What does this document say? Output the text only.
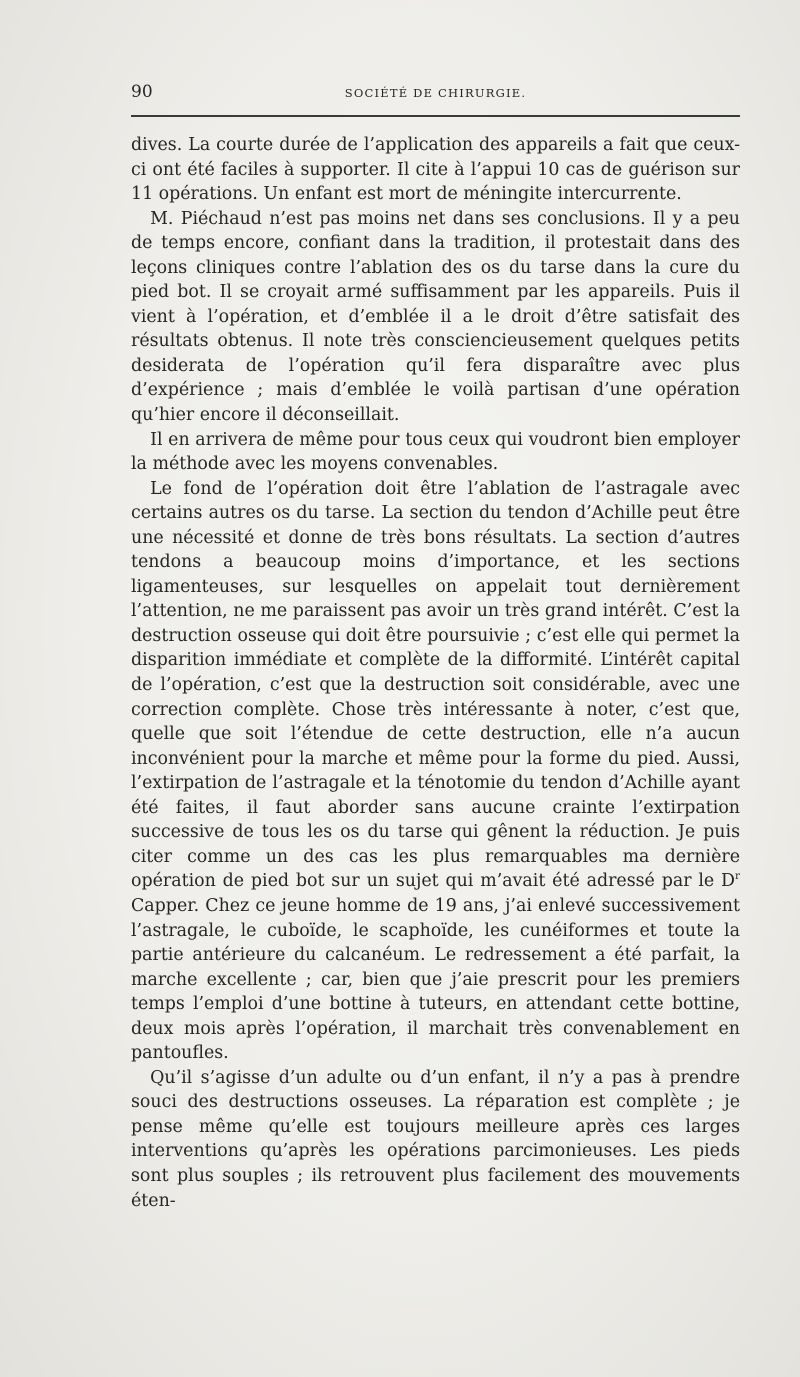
90	SOCIÉTÉ DE CHIRURGIE.

dives. La courte durée de l’application des appareils a fait que ceux-ci ont été faciles à supporter. Il cite à l’appui 10 cas de guérison sur 11 opérations. Un enfant est mort de méningite intercurrente.

M. Piéchaud n’est pas moins net dans ses conclusions. Il y a peu de temps encore, confiant dans la tradition, il protestait dans des leçons cliniques contre l’ablation des os du tarse dans la cure du pied bot. Il se croyait armé suffisamment par les appareils. Puis il vient à l’opération, et d’emblée il a le droit d’être satisfait des résultats obtenus. Il note très consciencieusement quelques petits desiderata de l’opération qu’il fera disparaître avec plus d’expérience ; mais d’emblée le voilà partisan d’une opération qu’hier encore il déconseillait.

Il en arrivera de même pour tous ceux qui voudront bien employer la méthode avec les moyens convenables.

Le fond de l’opération doit être l’ablation de l’astragale avec certains autres os du tarse. La section du tendon d’Achille peut être une nécessité et donne de très bons résultats. La section d’autres tendons a beaucoup moins d’importance, et les sections ligamenteuses, sur lesquelles on appelait tout dernièrement l’attention, ne me paraissent pas avoir un très grand intérêt. C’est la destruction osseuse qui doit être poursuivie ; c’est elle qui permet la disparition immédiate et complète de la difformité. L’intérêt capital de l’opération, c’est que la destruction soit considérable, avec une correction complète. Chose très intéressante à noter, c’est que, quelle que soit l’étendue de cette destruction, elle n’a aucun inconvénient pour la marche et même pour la forme du pied. Aussi, l’extirpation de l’astragale et la ténotomie du tendon d’Achille ayant été faites, il faut aborder sans aucune crainte l’extirpation successive de tous les os du tarse qui gênent la réduction. Je puis citer comme un des cas les plus remarquables ma dernière opération de pied bot sur un sujet qui m’avait été adressé par le $D^r$ Capper. Chez ce jeune homme de 19 ans, j’ai enlevé successivement l’astragale, le cuboïde, le scaphoïde, les cunéiformes et toute la partie antérieure du calcanéum. Le redressement a été parfait, la marche excellente ; car, bien que j’aie prescrit pour les premiers temps l’emploi d’une bottine à tuteurs, en attendant cette bottine, deux mois après l’opération, il marchait très convenablement en pantoufles.

Qu’il s’agisse d’un adulte ou d’un enfant, il n’y a pas à prendre souci des destructions osseuses. La réparation est complète ; je pense même qu’elle est toujours meilleure après ces larges interventions qu’après les opérations parcimonieuses. Les pieds sont plus souples ; ils retrouvent plus facilement des mouvements éten-
